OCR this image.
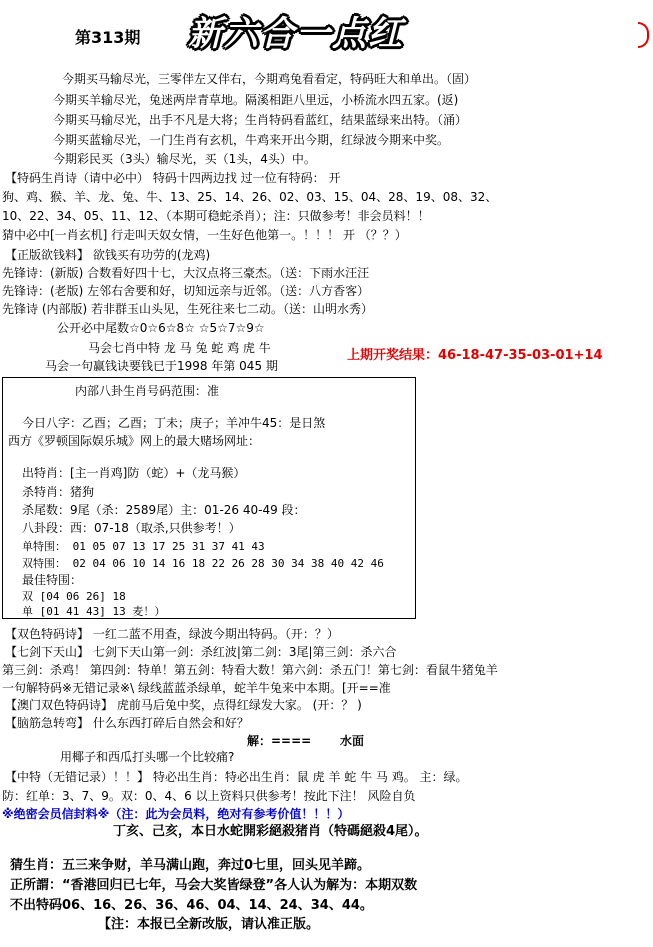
第313期 新六合一点红
今期买马输尽光，三零伴左又伴右，今期鸡兔看看定，特码旺大和单出。（固）
今期买羊输尽光，兔迷两岸青草地。隔溪相距八里远，小桥流水四五家。(返)
今期买马输尽光，出手不凡是大将；生肖特码看蓝红，结果蓝绿来出特。（涌）
今期买蓝输尽光，一门生肖有玄机，牛鸡来开出今期，红绿波今期来中奖。
今期彩民买（3头）输尽光，买（1头，4头）中。
【特码生肖诗（请中必中） 特码十四两边找 过一位有特码： 开
狗、鸡、猴、羊、龙、兔、牛、13、25、14、26、02、03、15、04、28、19、08、32、
10、22、34、05、11、12、（本期可稳蛇杀肖）；注：只做参考！非会员料！！
猜中必中[一肖玄机] 行走叫天奴女情，一生好色他第一。！！！ 开 （？？）
【正版欲钱料】 欲钱买有功劳的(龙鸡)
先锋诗：(新版) 合数看好四十七，大汉点将三豪杰。（送：下雨水汪汪
先锋诗：(老版) 左邻右舍要和好，切知远亲与近邻。（送：八方香客）
先锋诗 (内部版) 若非群玉山头见，生死往来七二动。（送：山明水秀）
公开必中尾数☆0☆6☆8☆ ☆5☆7☆9☆
马会七肖中特 龙 马 兔 蛇 鸡 虎 牛
马会一句赢钱诀要钱已于1998 年第 045 期
上期开奖结果：46-18-47-35-03-01+14
内部八卦生肖号码范围：准
今日八字：乙酉；乙酉；丁未；庚子；羊冲牛45：是日煞
西方《罗顿国际娱乐城》网上的最大赌场网址：
出特肖：[主一肖鸡]防（蛇）+（龙马猴）
杀特肖：猪狗
杀尾数：9尾（杀：2589尾）主：01-26 40-49 段：
八卦段：西：07-18（取杀,只供参考！）
单特围： 01 05 07 13 17 25 31 37 41 43
双特围： 02 04 06 10 14 16 18 22 26 28 30 34 38 40 42 46
最佳特围：
双 [04 06 26] 18
单 [01 41 43] 13 麦！）
【双色特码诗】 一红二蓝不用查，绿波今期出特码。（开：？）
【七剑下天山】 七剑下天山第一剑：杀红波|第二剑：3尾|第三剑：杀六合
第三剑：杀鸡！ 第四剑：特单！第五剑：特看大数！第六剑：杀五门！第七剑：看鼠牛猪兔羊
一句解特码※无错记录※\ 绿线蓝蓝杀绿单，蛇羊牛兔来中本期。[开==准
【澳门双色特码诗】 虎前马后兔中奖，点得红绿发大家。 (开：？ )
【脑筋急转弯】 什么东西打碎后自然会和好？
解：==== 水面
用椰子和西瓜打头哪一个比较痛?
【中特（无错记录）！！】 特必出生肖：特必出生肖：鼠 虎 羊 蛇 牛 马 鸡。 主：绿。
防：红单：3、7、9。双：0、4、6 以上资料只供参考！按此下注！ 风险自负
※绝密会员信封料※（注：此为会员料，绝对有参考价值！！！）
丁亥、己亥，本日水蛇開彩絕殺猪肖（特碼絕殺4尾）。
猜生肖：五三来争财，羊马满山跑，奔过0七里，回头见羊蹄。
正所謂：“香港回归已七年，马会大奖皆绿登”各人认为解为：本期双数
不出特码06、16、26、36、46、04、14、24、34、44。
【注：本报已全新改版，请认准正版。
